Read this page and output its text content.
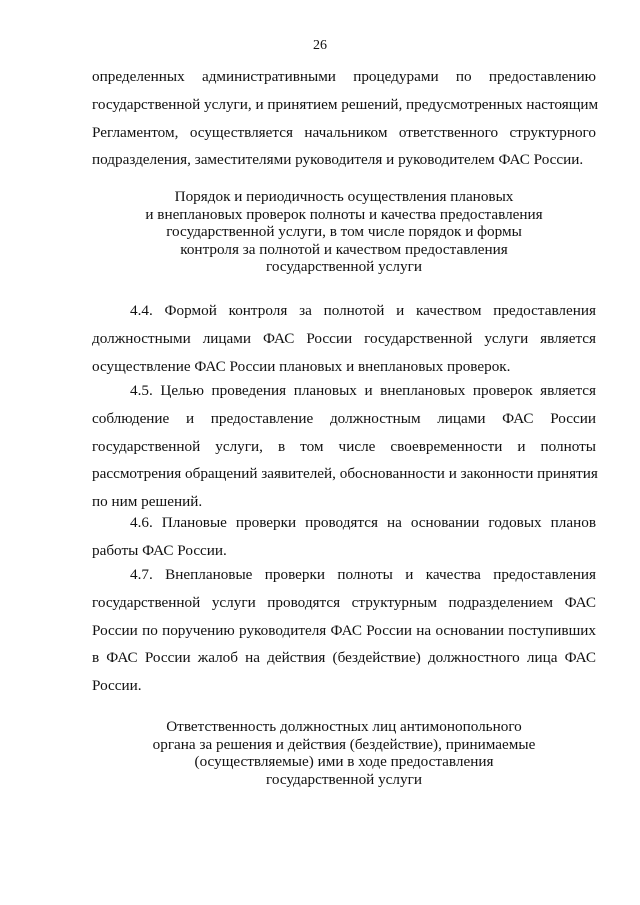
26
определенных административными процедурами по предоставлению
государственной услуги, и принятием решений, предусмотренных настоящим
Регламентом, осуществляется начальником ответственного структурного
подразделения, заместителями руководителя и руководителем ФАС России.
Порядок и периодичность осуществления плановых
и внеплановых проверок полноты и качества предоставления
государственной услуги, в том числе порядок и формы
контроля за полнотой и качеством предоставления
государственной услуги
4.4. Формой контроля за полнотой и качеством предоставления
должностными лицами ФАС России государственной услуги является
осуществление ФАС России плановых и внеплановых проверок.
4.5. Целью проведения плановых и внеплановых проверок является
соблюдение и предоставление должностным лицами ФАС России
государственной услуги, в том числе своевременности и полноты
рассмотрения обращений заявителей, обоснованности и законности принятия
по ним решений.
4.6. Плановые проверки проводятся на основании годовых планов
работы ФАС России.
4.7. Внеплановые проверки полноты и качества предоставления
государственной услуги проводятся структурным подразделением ФАС
России по поручению руководителя ФАС России на основании поступивших
в ФАС России жалоб на действия (бездействие) должностного лица ФАС
России.
Ответственность должностных лиц антимонопольного
органа за решения и действия (бездействие), принимаемые
(осуществляемые) ими в ходе предоставления
государственной услуги
